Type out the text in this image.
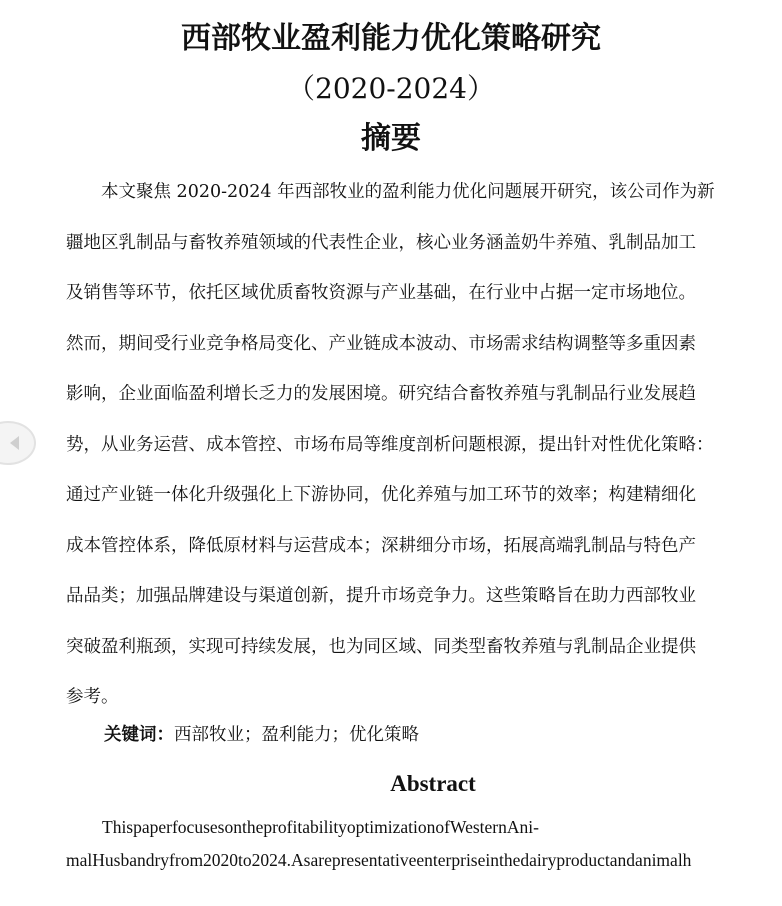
西部牧业盈利能力优化策略研究
（2020-2024）
摘要
本文聚焦 2020-2024 年西部牧业的盈利能力优化问题展开研究，该公司作为新
疆地区乳制品与畜牧养殖领域的代表性企业，核心业务涵盖奶牛养殖、乳制品加工
及销售等环节，依托区域优质畜牧资源与产业基础，在行业中占据一定市场地位。
然而，期间受行业竞争格局变化、产业链成本波动、市场需求结构调整等多重因素
影响，企业面临盈利增长乏力的发展困境。研究结合畜牧养殖与乳制品行业发展趋
势，从业务运营、成本管控、市场布局等维度剖析问题根源，提出针对性优化策略：
通过产业链一体化升级强化上下游协同，优化养殖与加工环节的效率；构建精细化
成本管控体系，降低原材料与运营成本；深耕细分市场，拓展高端乳制品与特色产
品品类；加强品牌建设与渠道创新，提升市场竞争力。这些策略旨在助力西部牧业
突破盈利瓶颈，实现可持续发展，也为同区域、同类型畜牧养殖与乳制品企业提供
参考。
关键词：西部牧业；盈利能力；优化策略
Abstract
ThispaperfocusesontheprofitabilityoptimizationofWesternAni-
malHusbandryfrom2020to2024.Asarepresentativeenterpriseinthedairyproductandanimalh
